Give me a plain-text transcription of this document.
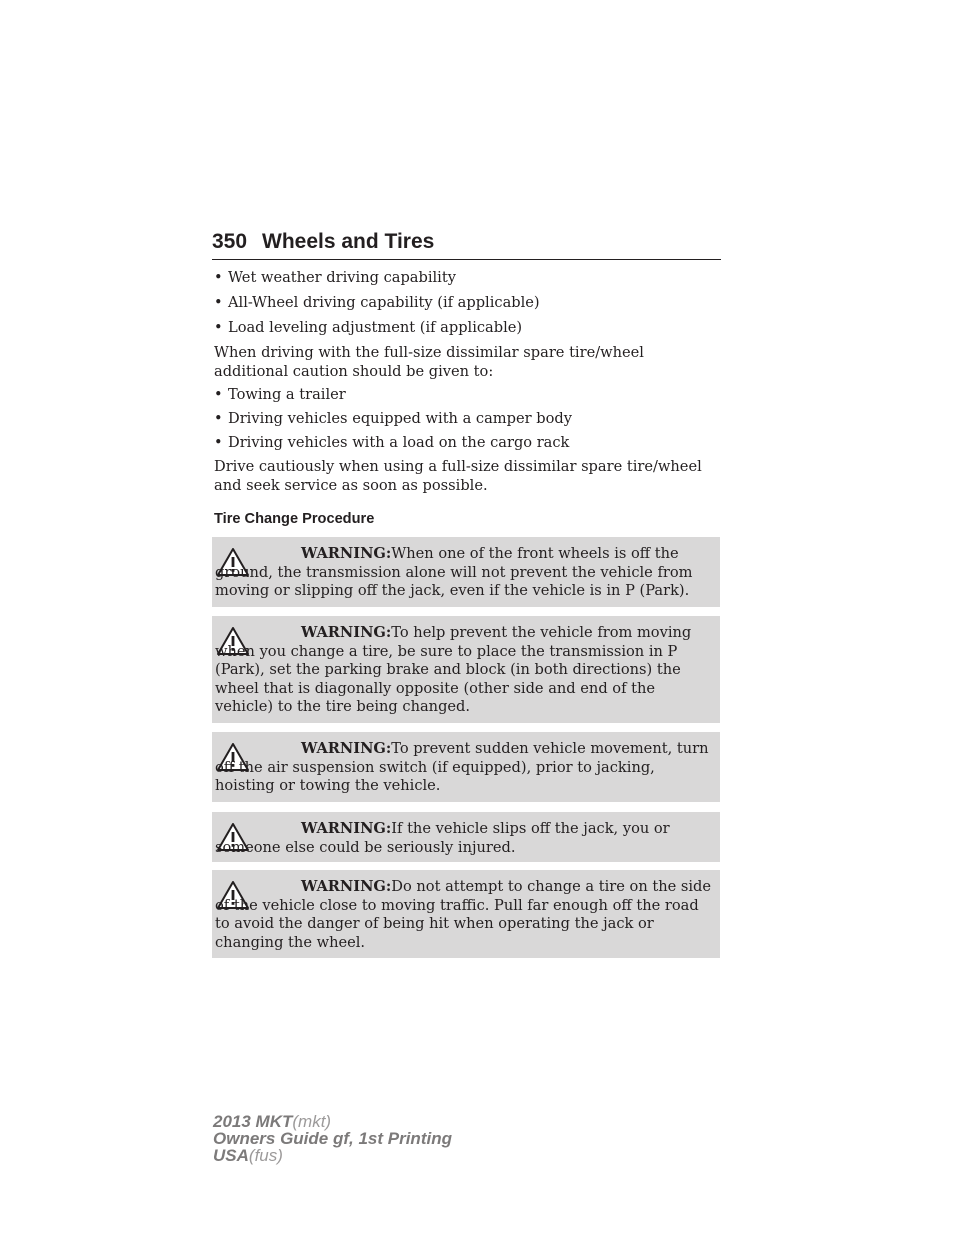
350 Wheels and Tires
• Wet weather driving capability
• All-Wheel driving capability (if applicable)
• Load leveling adjustment (if applicable)
When driving with the full-size dissimilar spare tire/wheel additional caution should be given to:
• Towing a trailer
• Driving vehicles equipped with a camper body
• Driving vehicles with a load on the cargo rack
Drive cautiously when using a full-size dissimilar spare tire/wheel and seek service as soon as possible.
Tire Change Procedure
WARNING:When one of the front wheels is off the ground, the transmission alone will not prevent the vehicle from moving or slipping off the jack, even if the vehicle is in P (Park).
WARNING:To help prevent the vehicle from moving when you change a tire, be sure to place the transmission in P (Park), set the parking brake and block (in both directions) the wheel that is diagonally opposite (other side and end of the vehicle) to the tire being changed.
WARNING:To prevent sudden vehicle movement, turn off the air suspension switch (if equipped), prior to jacking, hoisting or towing the vehicle.
WARNING:If the vehicle slips off the jack, you or someone else could be seriously injured.
WARNING:Do not attempt to change a tire on the side of the vehicle close to moving traffic. Pull far enough off the road to avoid the danger of being hit when operating the jack or changing the wheel.
2013 MKT(mkt)
Owners Guide gf, 1st Printing
USA(fus)
